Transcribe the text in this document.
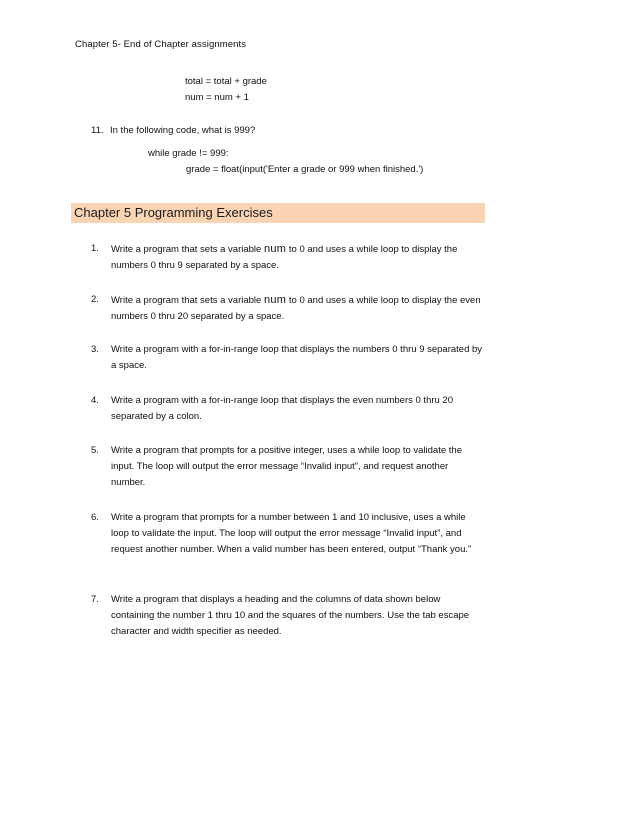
Chapter 5- End of Chapter assignments
total = total + grade
num = num + 1
11. In the following code, what is 999?
while grade != 999:
grade = float(input('Enter a grade or 999 when finished.')
Chapter 5 Programming Exercises
1.	Write a program that sets a variable num to 0 and uses a while loop to display the numbers 0 thru 9 separated by a space.
2.	Write a program that sets a variable num to 0 and uses a while loop to display the even numbers 0 thru 20 separated by a space.
3.	Write a program with a for-in-range loop that displays the numbers 0 thru 9 separated by a space.
4.	Write a program with a for-in-range loop that displays the even numbers 0 thru 20 separated by a colon.
5.	Write a program that prompts for a positive integer, uses a while loop to validate the input. The loop will output the error message “Invalid input”, and request another number.
6.	Write a program that prompts for a number between 1 and 10 inclusive, uses a while loop to validate the input. The loop will output the error message “Invalid input”, and request another number. When a valid number has been entered, output “Thank you.”
7.	Write a program that displays a heading and the columns of data shown below containing the number 1 thru 10 and the squares of the numbers. Use the tab escape character and width specifier as needed.
